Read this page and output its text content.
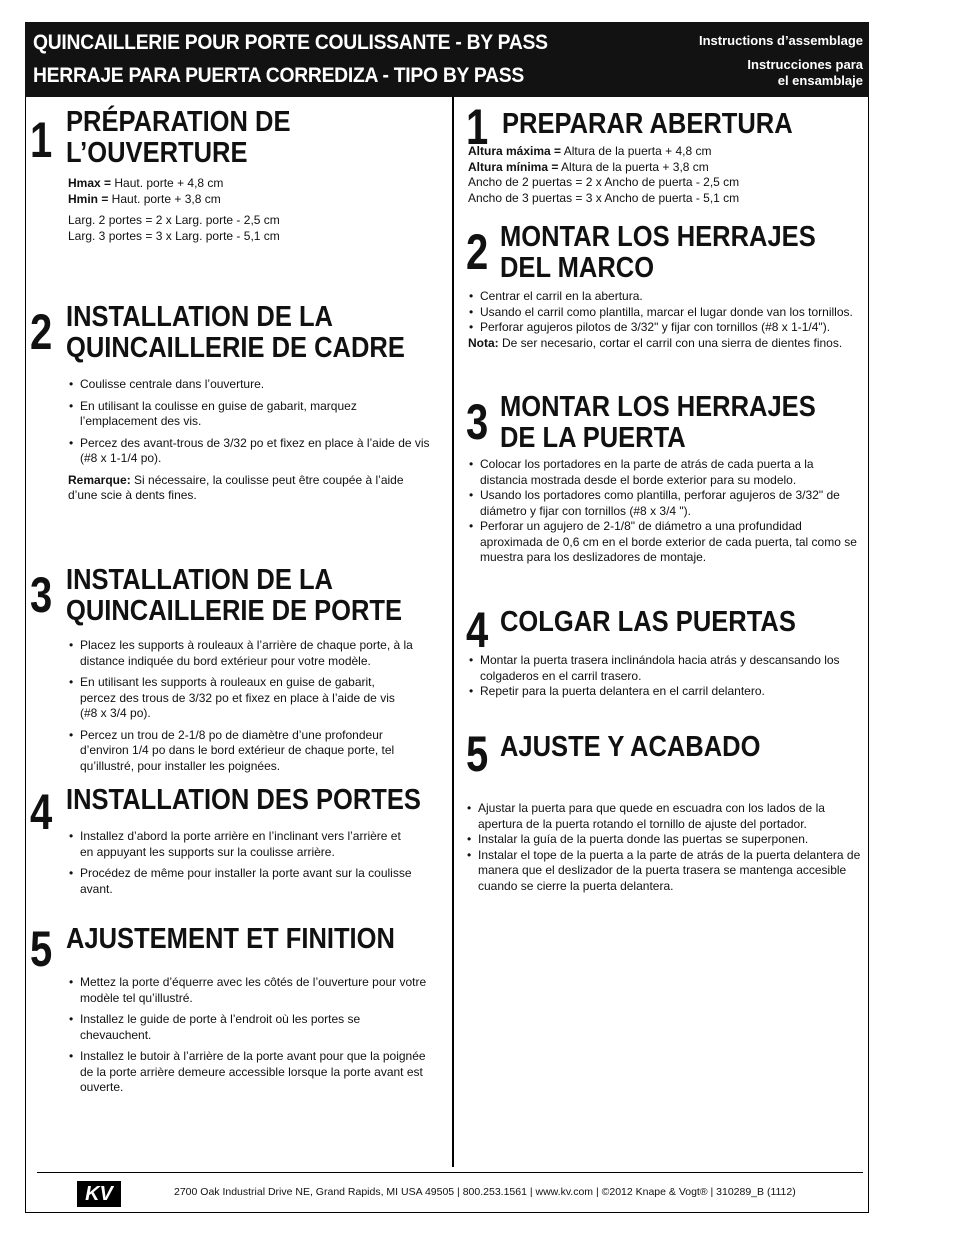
QUINCAILLERIE POUR PORTE COULISSANTE - BY PASS
HERRAJE PARA PUERTA CORREDIZA - TIPO BY PASS
Instructions d’assemblage
Instrucciones para
el ensamblaje
1 PRÉPARATION DE
L’OUVERTURE

Hmax = Haut. porte + 4,8 cm

Hmin = Haut. porte + 3,8 cm

Larg. 2 portes = 2 x Larg. porte - 2,5 cm

Larg. 3 portes = 3 x Larg. porte - 5,1 cm

2 INSTALLATION DE LA
QUINCAILLERIE DE CADRE
• Coulisse centrale dans l’ouverture.
• En utilisant la coulisse en guise de gabarit, marquez l’emplacement des vis.
• Percez des avant-trous de 3/32 po et fixez en place à l’aide de vis (#8 x 1-1/4 po).

Remarque: Si nécessaire, la coulisse peut être coupée à l’aide d’une scie à dents fines.

3 INSTALLATION DE LA
QUINCAILLERIE DE PORTE
• Placez les supports à rouleaux à l’arrière de chaque porte, à la distance indiquée du bord extérieur pour votre modèle.
• En utilisant les supports à rouleaux en guise de gabarit, percez des trous de 3/32 po et fixez en place à l’aide de vis (#8 x 3/4 po).
• Percez un trou de 2-1/8 po de diamètre d’une profondeur d’environ 1/4 po dans le bord extérieur de chaque porte, tel qu’illustré, pour installer les poignées.
4 INSTALLATION DES PORTES
• Installez d’abord la porte arrière en l’inclinant vers l’arrière et en appuyant les supports sur la coulisse arrière.
• Procédez de même pour installer la porte avant sur la coulisse avant.
5 AJUSTEMENT ET FINITION
• Mettez la porte d’équerre avec les côtés de l’ouverture pour votre modèle tel qu’illustré.
• Installez le guide de porte à l’endroit où les portes se chevauchent.
• Installez le butoir à l’arrière de la porte avant pour que la poignée de la porte arrière demeure accessible lorsque la porte avant est ouverte.
1 PREPARAR ABERTURA

Altura máxima = Altura de la puerta + 4,8 cm

Altura mínima = Altura de la puerta + 3,8 cm

Ancho de 2 puertas = 2 x Ancho de puerta - 2,5 cm

Ancho de 3 puertas = 3 x Ancho de puerta - 5,1 cm

2 MONTAR LOS HERRAJES
DEL MARCO
• Centrar el carril en la abertura.
• Usando el carril como plantilla, marcar el lugar donde van los tornillos.
• Perforar agujeros pilotos de 3/32" y fijar con tornillos (#8 x 1-1/4").

Nota: De ser necesario, cortar el carril con una sierra de dientes finos.

3 MONTAR LOS HERRAJES
DE LA PUERTA
• Colocar los portadores en la parte de atrás de cada puerta a la distancia mostrada desde el borde exterior para su modelo.
• Usando los portadores como plantilla, perforar agujeros de 3/32" de diámetro y fijar con tornillos (#8 x 3/4 ").
• Perforar un agujero de 2-1/8" de diámetro a una profundidad aproximada de 0,6 cm en el borde exterior de cada puerta, tal como se muestra para los deslizadores de montaje.
4 COLGAR LAS PUERTAS
• Montar la puerta trasera inclinándola hacia atrás y descansando los colgaderos en el carril trasero.
• Repetir para la puerta delantera en el carril delantero.
5 AJUSTE Y ACABADO
• Ajustar la puerta para que quede en escuadra con los lados de la apertura de la puerta rotando el tornillo de ajuste del portador.
• Instalar la guía de la puerta donde las puertas se superponen.
• Instalar el tope de la puerta a la parte de atrás de la puerta delantera de manera que el deslizador de la puerta trasera se mantenga accesible cuando se cierre la puerta delantera.
KV	2700 Oak Industrial Drive NE, Grand Rapids, MI USA 49505 | 800.253.1561 | www.kv.com | ©2012 Knape & Vogt® | 310289_B (1112)
